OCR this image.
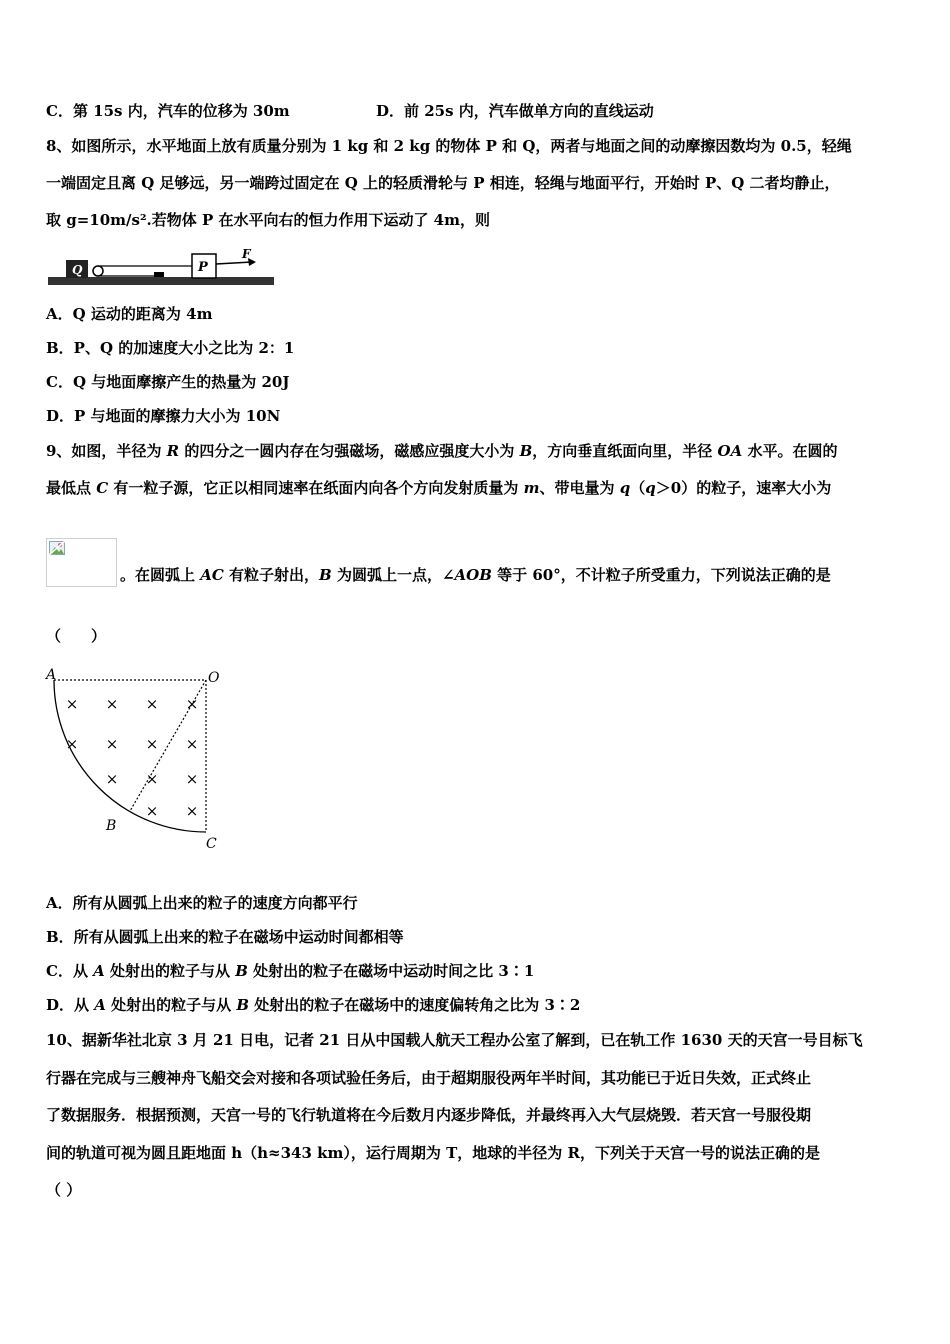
C．第 15s 内，汽车的位移为 30m	D．前 25s 内，汽车做单方向的直线运动
8、如图所示，水平地面上放有质量分别为 1 kg 和 2 kg 的物体 P 和 Q，两者与地面之间的动摩擦因数均为 0.5，轻绳
一端固定且离 Q 足够远，另一端跨过固定在 Q 上的轻质滑轮与 P 相连，轻绳与地面平行，开始时 P、Q 二者均静止，
取 g=10m/s².若物体 P 在水平向右的恒力作用下运动了 4m，则
Q	P
F
A．Q 运动的距离为 4m
B．P、Q 的加速度大小之比为 2：1
C．Q 与地面摩擦产生的热量为 20J
D．P 与地面的摩擦力大小为 10N
9、如图，半径为 R 的四分之一圆内存在匀强磁场，磁感应强度大小为 B，方向垂直纸面向里，半径 OA 水平。在圆的
最低点 C 有一粒子源，它正以相同速率在纸面内向各个方向发射质量为 m、带电量为 q（q＞0）的粒子，速率大小为
。在圆弧上 AC 有粒子射出，B 为圆弧上一点，∠AOB 等于 60°，不计粒子所受重力，下列说法正确的是
（　　）
× × × ×
× × × ×
× × ×
× ×
A	O
B
C
A．所有从圆弧上出来的粒子的速度方向都平行
B．所有从圆弧上出来的粒子在磁场中运动时间都相等
C．从 A 处射出的粒子与从 B 处射出的粒子在磁场中运动时间之比 3∶1
D．从 A 处射出的粒子与从 B 处射出的粒子在磁场中的速度偏转角之比为 3∶2
10、据新华社北京 3 月 21 日电，记者 21 日从中国载人航天工程办公室了解到，已在轨工作 1630 天的天宫一号目标飞
行器在完成与三艘神舟飞船交会对接和各项试验任务后，由于超期服役两年半时间，其功能已于近日失效，正式终止
了数据服务．根据预测，天宫一号的飞行轨道将在今后数月内逐步降低，并最终再入大气层烧毁．若天宫一号服役期
间的轨道可视为圆且距地面 h（h≈343 km），运行周期为 T，地球的半径为 R，下列关于天宫一号的说法正确的是
（ ）
